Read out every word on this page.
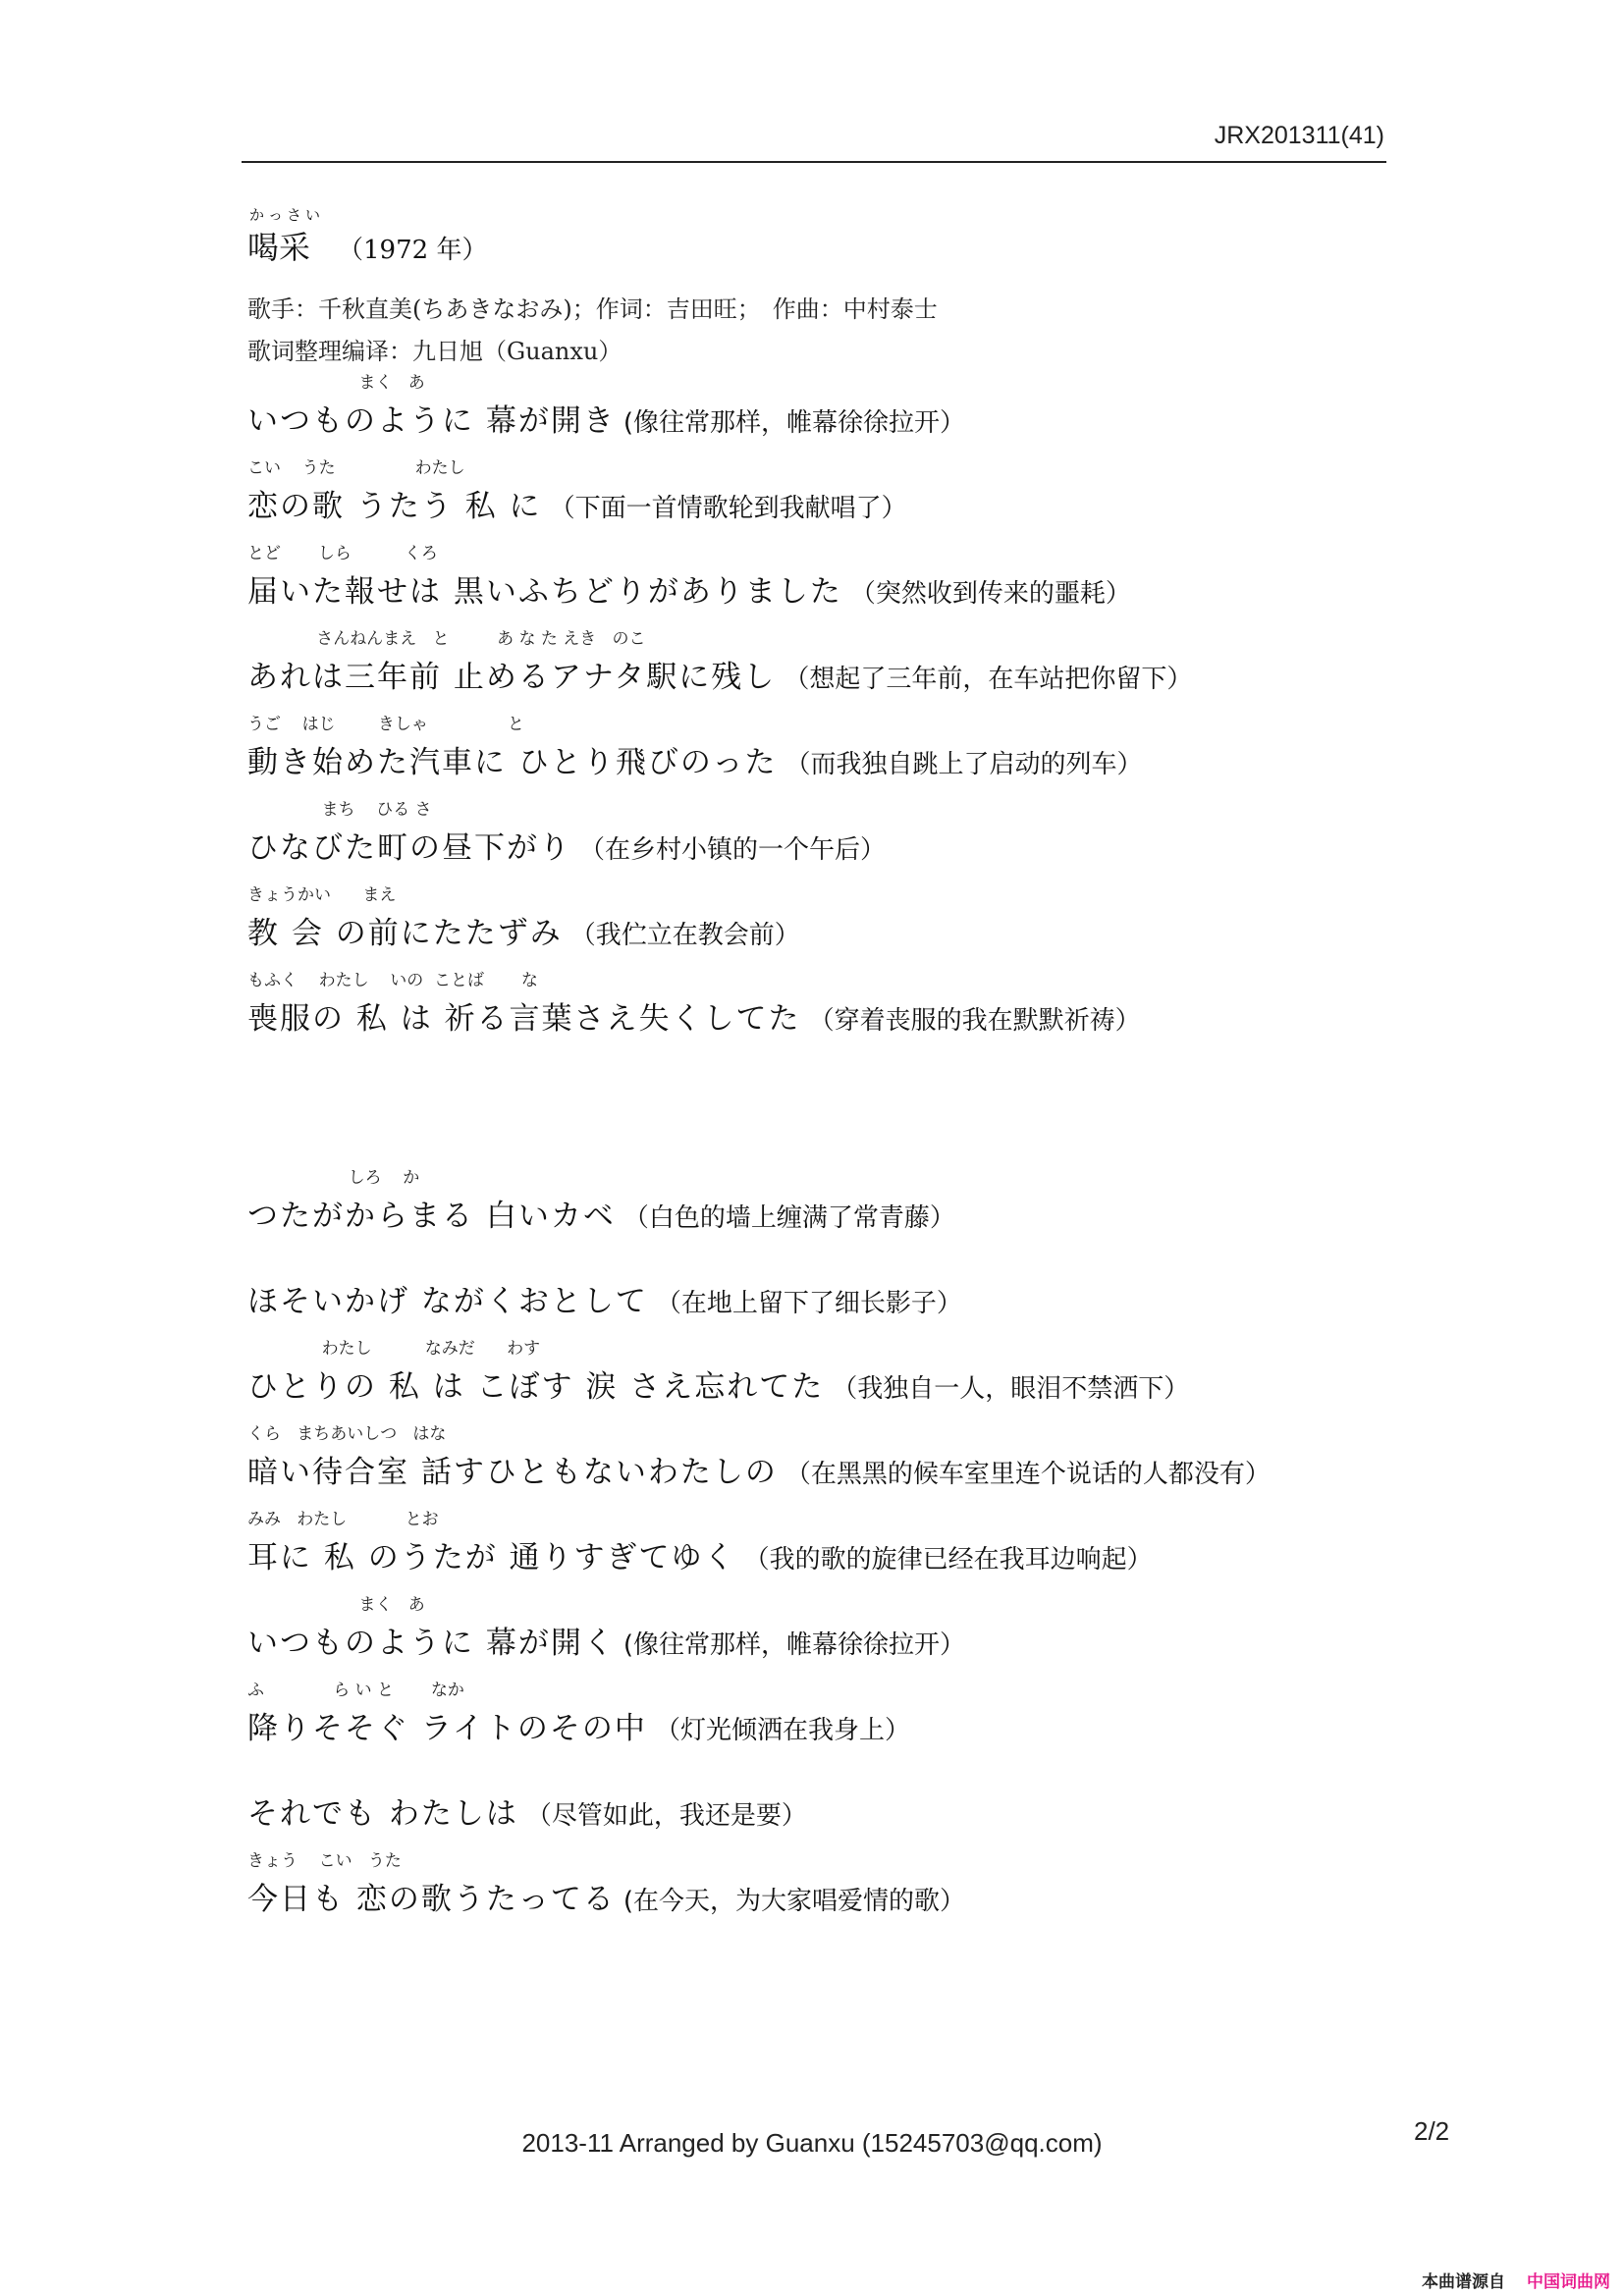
JRX201311(41)
かっさい
喝采 （1972 年）
歌手：千秋直美(ちあきなおみ)；作词：吉田旺；　作曲：中村泰士
歌词整理编译：九日旭（Guanxu）
まく   あ
いつものように 幕が開き (像往常那样，帷幕徐徐拉开）
こい    うた               わたし
恋の歌 うたう 私 に （下面一首情歌轮到我献唱了）
とど       しら          くろ
届いた報せは 黒いふちどりがありました （突然收到传来的噩耗）
さんねんまえ   と         あ な た えき   のこ
あれは三年前 止めるアナタ駅に残し （想起了三年前，在车站把你留下）
うご    はじ        きしゃ               と
動き始めた汽車に ひとり飛びのった （而我独自跳上了启动的列车）
まち    ひる さ
ひなびた町の昼下がり （在乡村小镇的一个午后）
きょうかい      まえ
教 会 の前にたたずみ （我伫立在教会前）
もふく    わたし    いの  ことば       な
喪服の 私 は 祈る言葉さえ失くしてた （穿着丧服的我在默默祈祷）
しろ    か
つたがからまる 白いカベ （白色的墙上缠满了常青藤）
ほそいかげ ながくおとして （在地上留下了细长影子）
わたし          なみだ      わす
ひとりの 私 は こぼす 涙 さえ忘れてた （我独自一人，眼泪不禁洒下）
くら   まちあいしつ   はな
暗い待合室 話すひともないわたしの （在黑黑的候车室里连个说话的人都没有）
みみ   わたし           とお
耳に 私 のうたが 通りすぎてゆく （我的歌的旋律已经在我耳边响起）
まく   あ
いつものように 幕が開く (像往常那样，帷幕徐徐拉开）
ふ             ら い と       なか
降りそそぐ ライトのその中 （灯光倾洒在我身上）
それでも わたしは （尽管如此，我还是要）
きょう    こい   うた
今日も 恋の歌うたってる (在今天，为大家唱爱情的歌）
2013-11 Arranged by Guanxu (15245703@qq.com)	2/2
本曲谱源自 中国词曲网
